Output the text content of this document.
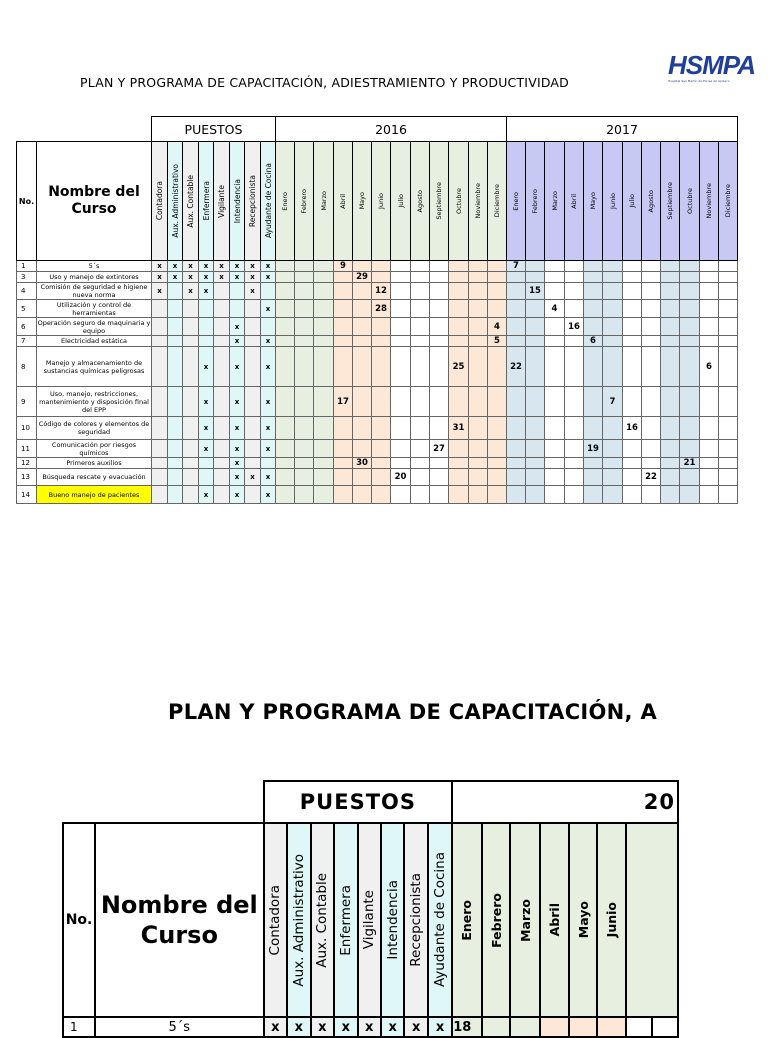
HSMPA
Hospital San Martín de Porres de Apizaco
PLAN Y PROGRAMA DE CAPACITACIÓN, ADIESTRAMIENTO Y PRODUCTIVIDAD
		PUESTOS								2016												2017											
No.	Nombre del Curso	Contadora	Aux. Administrativo	Aux. Contable	Enfermera	Vigilante	Intendencia	Recepcionista	Ayudante de Cocina	Enero	Febrero	Marzo	Abril	Mayo	Junio	Julio	Agosto	Septiembre	Octubre	Noviembre	Diciembre	Enero	Febrero	Marzo	Abril	Mayo	Junio	Julio	Agosto	Septiembre	Octubre	Noviembre	Diciembre

1	5´s	x	x	x	x	x	x	x	x				9									7											
3	Uso y manejo de extintores	x	x	x	x	x	x	x	x					29																			
4	Comisión de seguridad e higiene nueva norma	x		x	x			x							12								15										
5	Utilización y control de herramientas								x						28									4									
6	Operación seguro de maquinaria y equipo						x														4				16								
7	Electricidad estática						x		x												5					6							
8	Manejo y almacenamiento de sustancias químicas peligrosas				x		x		x										25			22										6	
9	Uso, manejo, restricciones, mantenimiento y disposición final del EPP				x		x		x				17														7						
10	Código de colores y elementos de seguridad				x		x		x										31									16					
11	Comunicación por riesgos químicos				x		x		x									27								19							
12	Primeros auxilios						x							30																	21		
13	Búsqueda rescate y evacuación						x	x	x							20													22				
14	Bueno manejo de pacientes				x		x		x																								
PLAN Y PROGRAMA DE CAPACITACIÓN, A
		PUESTOS								20							
No.	Nombre del Curso	Contadora	Aux. Administrativo	Aux. Contable	Enfermera	Vigilante	Intendencia	Recepcionista	Ayudante de Cocina	Enero	Febrero	Marzo	Abril	Mayo	Junio		

1	5´s	x	x	x	x	x	x	x	x	18							
